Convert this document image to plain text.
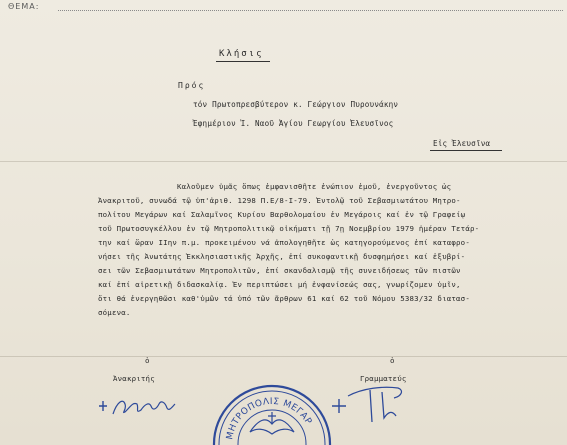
ΘΕΜΑ:
Κλήσις
Πρός
τόν Πρωτοπρεσβύτερον κ. Γεώργιον Πυρουνάκην
Ἐφημέριον Ἱ. Ναοῦ Ἁγίου Γεωργίου Ἐλευσῖνος
Εἰς Ἐλευσῖνα
Καλοῦμεν ὑμᾶς ὅπως ἐμφανισθῆτε ἐνώπιον ἐμοῦ, ἐνεργοῦντος ὡς
Ἀνακριτοῦ, συνωδά τῷ ὑπ'ἀριθ. 1298 Π.Ε/8-I-79. Ἐντολῷ τοῦ Σεβασμιωτάτου Μητρο-
πολίτου Μεγάρων καί Σαλαμῖνος Κυρίου Βαρθολομαίου ἐν Μεγάροις καί ἐν τῷ Γραφείῳ
τοῦ Πρωτοσυγκέλλου ἐν τῷ Μητροπολιτικῷ οἰκήματι τῇ 7ῃ Νοεμβρίου 1979 ἡμέραν Τετάρ-
την καί ὥραν IIην π.μ. προκειμένου νά ἀπολογηθῆτε ὡς κατηγορούμενος ἐπί καταφρο-
νήσει τῆς Ἀνωτάτης Ἐκκλησιαστικῆς Ἀρχῆς, ἐπί συκοφαντικῇ δυσφημήσει καί ἐξυβρί-
σει τῶν Σεβασμιωτάτων Μητροπολιτῶν, ἐπί σκανδαλισμῷ τῆς συνειδήσεως τῶν πιστῶν
καί ἐπί αἱρετικῇ διδασκαλίᾳ. Ἐν περιπτώσει μή ἐνφανίσεώς σας, γνωρίζομεν ὑμῖν,
ὅτι θά ἐνεργηθῶσι καθ'ὑμῶν τά ὑπό τῶν ἄρθρων 61 καί 62 τοῦ Νόμου 5383/32 διατασ-
σόμενα.
ὁ
Ἀνακριτής
ὁ
Γραμματεύς
ΜΗΤΡΟΠΟΛΙΣ ΜΕΓΑΡ
